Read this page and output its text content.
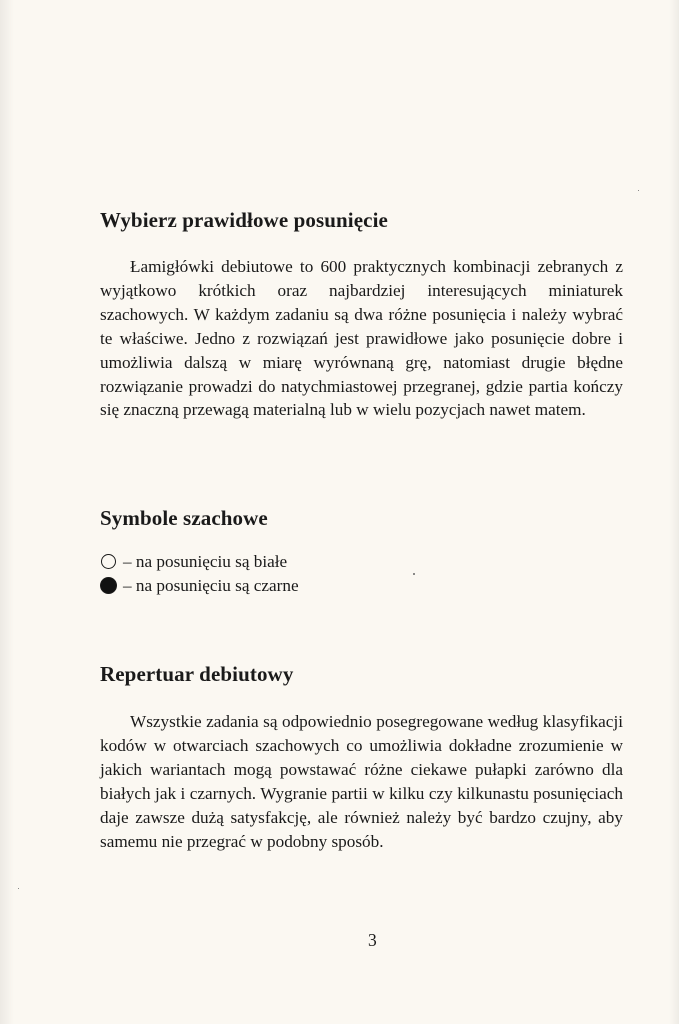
Wybierz prawidłowe posunięcie

Łamigłówki debiutowe to 600 praktycznych kombinacji zebranych z wyjątkowo krótkich oraz najbardziej interesujących miniaturek szachowych. W każdym zadaniu są dwa różne posunięcia i należy wybrać te właściwe. Jedno z rozwiązań jest prawidłowe jako posunięcie dobre i umożliwia dalszą w miarę wyrównaną grę, natomiast drugie błędne rozwiązanie prowadzi do natychmiastowej przegranej, gdzie partia kończy się znaczną przewagą materialną lub w wielu pozycjach nawet matem.

Symbole szachowe
– na posunięciu są białe
– na posunięciu są czarne
Repertuar debiutowy

Wszystkie zadania są odpowiednio posegregowane według klasyfikacji kodów w otwarciach szachowych co umożliwia dokładne zrozumienie w jakich wariantach mogą powstawać różne ciekawe pułapki zarówno dla białych jak i czarnych. Wygranie partii w kilku czy kilkunastu posunięciach daje zawsze dużą satysfakcję, ale również należy być bardzo czujny, aby samemu nie przegrać w podobny sposób.

3
